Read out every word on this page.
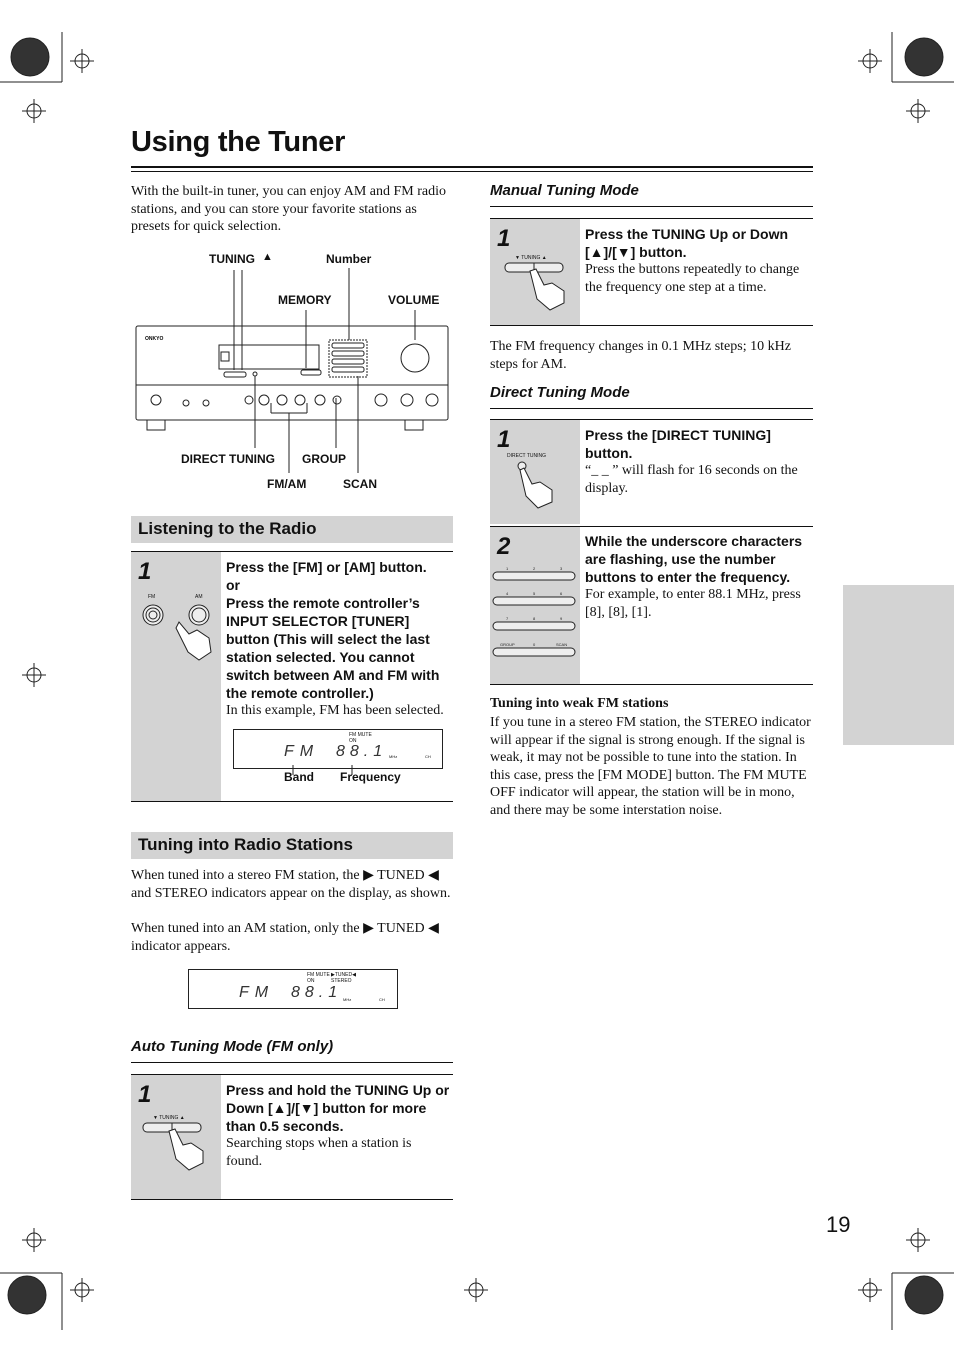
Using the Tuner
With the built-in tuner, you can enjoy AM and FM radio stations, and you can store your favorite stations as presets for quick selection.
TUNING ▲	Number
MEMORY	VOLUME
DIRECT TUNING GROUP
FM/AM	SCAN
ONKYO
Listening to the Radio
1
FM	AM
Press the [FM] or [AM] button.
or
Press the remote controller’s INPUT SELECTOR [TUNER] button (This will select the last station selected. You cannot switch between AM and FM with the remote controller.)
In this example, FM has been selected.
FM MUTE
ON
FM 88.1 MHz	CH
Band Frequency
Tuning into Radio Stations
When tuned into a stereo FM station, the ▶ TUNED ◀ and STEREO indicators appear on the display, as shown.
When tuned into an AM station, only the ▶ TUNED ◀ indicator appears.
FM MUTE
ON
▶TUNED◀
STEREO
FM 88.1 MHz	CH
Auto Tuning Mode (FM only)
1
▼ TUNING ▲
Press and hold the TUNING Up or Down [▲]/[▼] button for more than 0.5 seconds.
Searching stops when a station is found.
Manual Tuning Mode
1
▼ TUNING ▲
Press the TUNING Up or Down [▲]/[▼] button.
Press the buttons repeatedly to change the frequency one step at a time.
The FM frequency changes in 0.1 MHz steps; 10 kHz steps for AM.
Direct Tuning Mode
1
DIRECT TUNING
Press the [DIRECT TUNING] button.
“_ _ ” will flash for 16 seconds on the display.
2
1	2	3
4	5	6
7	8	9
GROUP	0	SCAN
While the underscore characters are flashing, use the number buttons to enter the frequency.
For example, to enter 88.1 MHz, press [8], [8], [1].
Tuning into weak FM stations
If you tune in a stereo FM station, the STEREO indicator will appear if the signal is strong enough. If the signal is weak, it may not be possible to tune into the station. In this case, press the [FM MODE] button. The FM MUTE OFF indicator will appear, the station will be in mono, and there may be some interstation noise.
19
